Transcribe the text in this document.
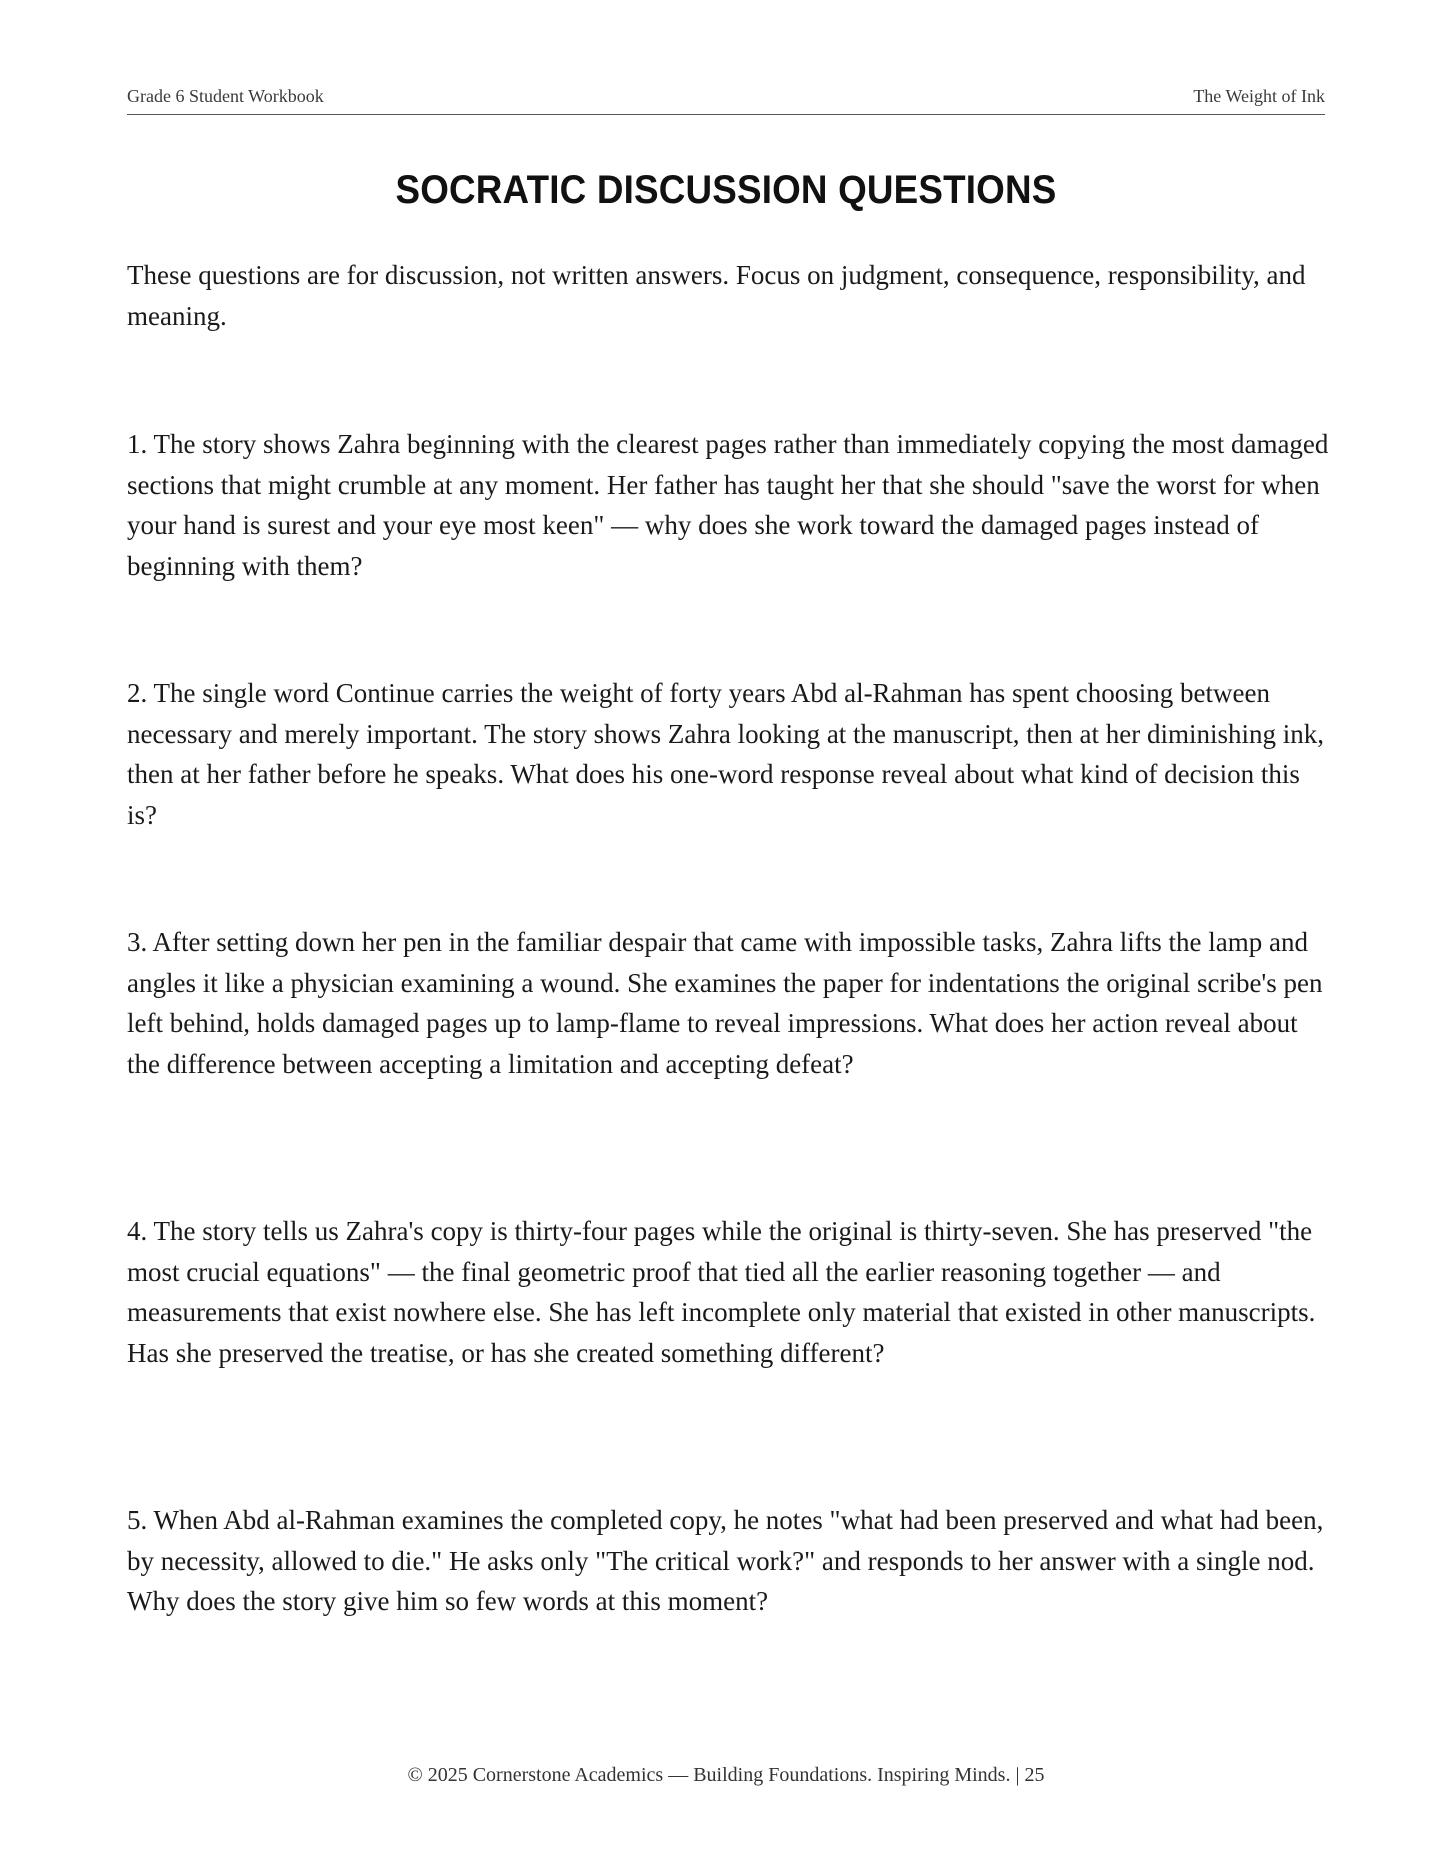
Grade 6 Student Workbook	The Weight of Ink
SOCRATIC DISCUSSION QUESTIONS
These questions are for discussion, not written answers. Focus on judgment, consequence, responsibility, and meaning.
1. The story shows Zahra beginning with the clearest pages rather than immediately copying the most damaged sections that might crumble at any moment. Her father has taught her that she should "save the worst for when your hand is surest and your eye most keen" — why does she work toward the damaged pages instead of beginning with them?
2. The single word Continue carries the weight of forty years Abd al-Rahman has spent choosing between necessary and merely important. The story shows Zahra looking at the manuscript, then at her diminishing ink, then at her father before he speaks. What does his one-word response reveal about what kind of decision this is?
3. After setting down her pen in the familiar despair that came with impossible tasks, Zahra lifts the lamp and angles it like a physician examining a wound. She examines the paper for indentations the original scribe's pen left behind, holds damaged pages up to lamp-flame to reveal impressions. What does her action reveal about the difference between accepting a limitation and accepting defeat?
4. The story tells us Zahra's copy is thirty-four pages while the original is thirty-seven. She has preserved "the most crucial equations" — the final geometric proof that tied all the earlier reasoning together — and measurements that exist nowhere else. She has left incomplete only material that existed in other manuscripts. Has she preserved the treatise, or has she created something different?
5. When Abd al-Rahman examines the completed copy, he notes "what had been preserved and what had been, by necessity, allowed to die." He asks only "The critical work?" and responds to her answer with a single nod. Why does the story give him so few words at this moment?
© 2025 Cornerstone Academics — Building Foundations. Inspiring Minds. | 25
